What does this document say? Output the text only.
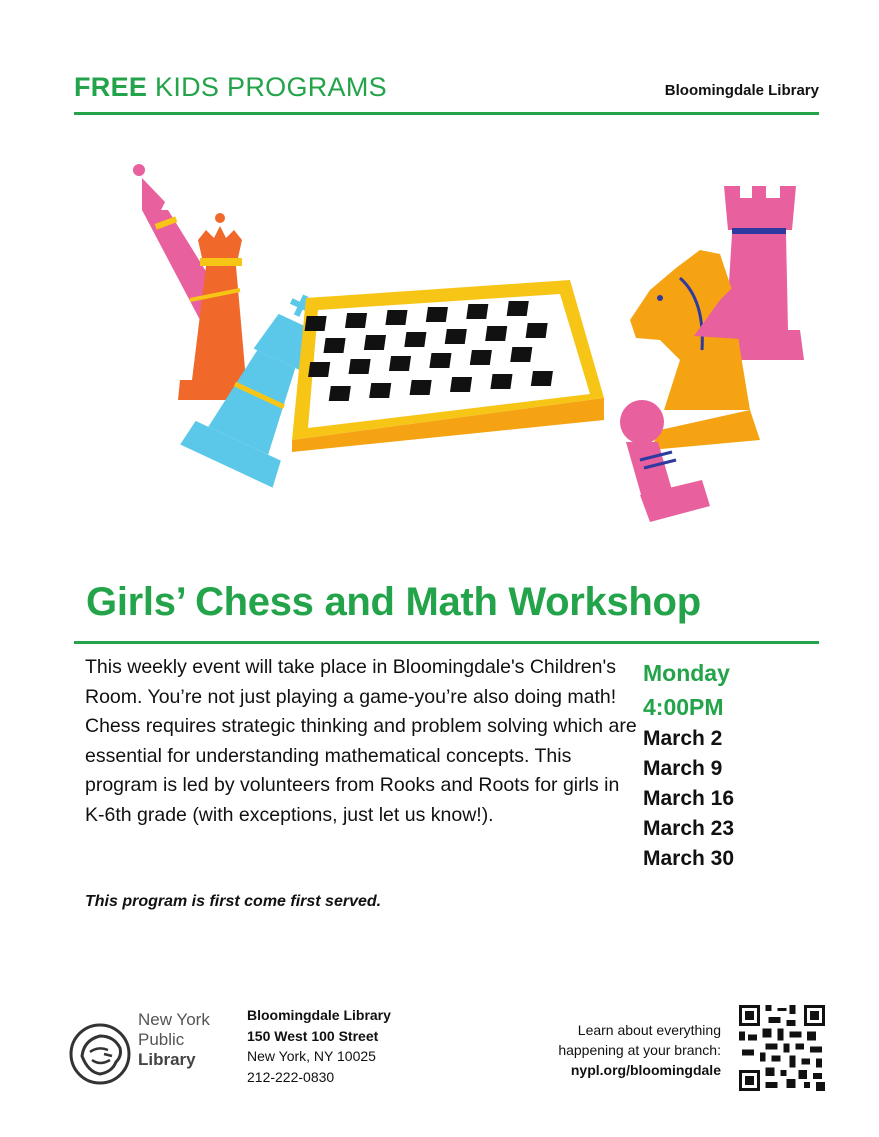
FREE KIDS PROGRAMS	Bloomingdale Library
Girls’ Chess and Math Workshop
This weekly event will take place in Bloomingdale's Children's Room. You’re not just playing a game-you’re also doing math! Chess requires strategic thinking and problem solving which are essential for understanding mathematical concepts. This program is led by volunteers from Rooks and Roots for girls in K-6th grade (with exceptions, just let us know!).
Monday
4:00PM
March 2
March 9
March 16
March 23
March 30
This program is first come first served.
New York
Public
Library
Bloomingdale Library
150 West 100 Street
New York, NY 10025
212-222-0830
Learn about everything
happening at your branch:
nypl.org/bloomingdale
